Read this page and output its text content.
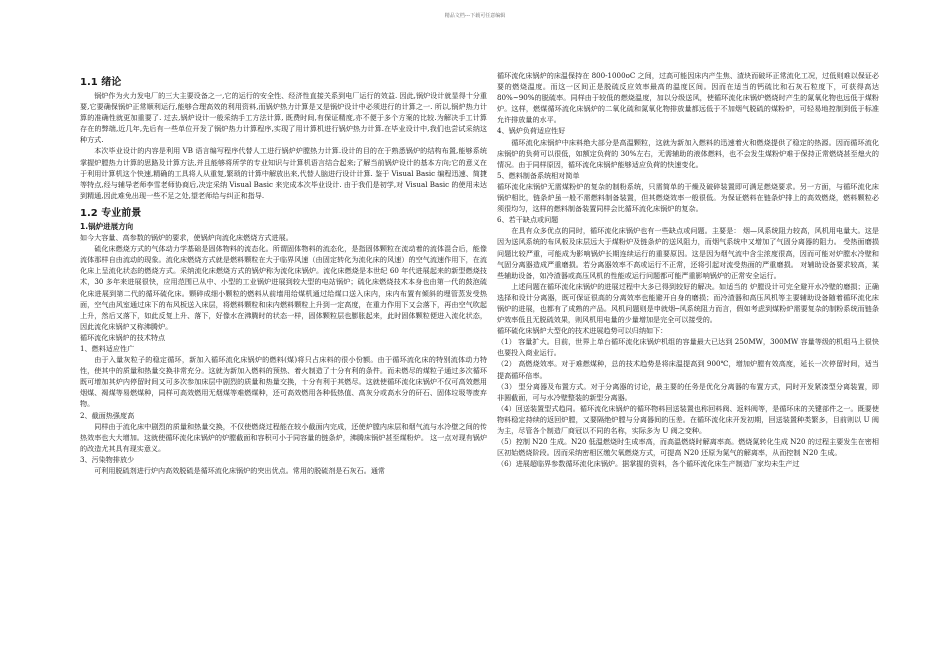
精品文档---下载可任意编辑

1.1 绪论

锅炉作为火力发电厂的三大主要设备之一,它的运行的安全性、经济性直接关系到电厂运行的效益. 因此,锅炉设计就显得十分重要,它要确保锅炉正常顺利运行,能够合理高效的利用资料,而锅炉热力计算是又是锅炉设计中必须进行的计算之一. 所以,锅炉热力计算的准确性就更加重要了. 过去,锅炉设计一般采纳手工方法计算, 既费时间,有保证精度,亦不便于多个方案的比较.为解决手工计算存在的弊端,近几年,先后有一些单位开发了锅炉热力计算程序,实现了用计算机进行锅炉热力计算.在毕业设计中,我们也尝试采纳这种方式.

本次毕业设计的内容是利用 VB 语言编写程序代替人工进行锅炉炉膛热力计算.设计的目的在于熟悉锅炉的结构布置,能够系统掌握炉膛热力计算的思路及计算方法,并且能够将所学的专业知识与计算机语言结合起来;了解当前锅炉设计的基本方向;它的意义在于利用计算机这个快速,精确的工具将人从重复,繁琐的计算中解放出来,代替人脑进行设计计算. 鉴于 Visual Basic 编程迅速、简捷等特点,经与辅导老师李雪老师协商后,决定采纳 Visual Basic 来完成本次毕业设计. 由于我们是初学,对 Visual Basic 的使用未达到精通,因此难免出现一些不足之处,望老师给与纠正和指导.

1.2 专业前景

1.锅炉进展方向

如今大容量、高参数的锅炉的要求，使锅炉向流化床燃烧方式进展。

硫化床燃烧方式的气体动力学基础是固体物料的流态化。所谓固体物料的流态化，是指固体颗粒在流动着的流体混合后，能像流体那样自由流动的现象。流化床燃烧方式就是燃料颗粒在大于临界风速（由固定转化为流化床的风速）的空气流速作用下，在流化床上呈流化状态的燃烧方式。采纳流化床燃烧方式的锅炉称为流化床锅炉。流化床燃烧是本世纪 60 年代进展起来的新型燃烧技术，30 多年来进展很快，应用范围已从中、小型的工业锅炉进展到较大型的电站锅炉；硫化床燃烧技术本身也由第一代的鼓泡硫化床进展到第二代的循环硫化床。颗碎成细小颗粒的燃料从前墙用给煤机通过给煤口送入床内，床内布置有倾斜的埋管蒸发受热面，空气由风室通过床下的布风板送入床层，将燃料颗粒和床内燃料颗粒上升到一定高度，在重力作用下又会落下，再由空气吹起上升，然后又落下，如此反复上升、落下，好像水在沸腾时的状态一样，固体颗粒层也膨胀起来，此时固体颗粒便进入流化状态，因此流化床锅炉又称沸腾炉。

循环流化床锅炉的技术特点

1、燃料适应性广

由于入量灰粒子的稳定循环，新加入循环流化床锅炉的燃料(煤)将只占床料的很小份额。由于循环流化床的特别流体动力特性，使其中的质量和热量交换非常充分。这就为新加入燃料的预热、着火制造了十分有利的条件。而未燃尽的煤粒子通过多次循环既可增加其炉内停留时间又可多次参加床层中剧烈的质量和热量交换，十分有利于其燃尽。这就使循环流化床锅炉不仅可高效燃用烟煤、褐煤等易燃煤种，同样可高效燃用无烟煤等难燃煤种，还可高效燃用各种低热值、高灰分或高水分的矸石、固体垃圾等废弃物。

2、截面热强度高

同样由于流化床中剧烈的质量和热量交换，不仅使燃烧过程能在较小截面内完成，还使炉膛内床层和烟气流与水冷壁之间的传热效率也大大增加。这就使循环流化床锅炉的炉膛截面和容积可小于同容量的链条炉，沸腾床锅炉甚至煤粉炉。 这一点对现有锅炉的改造尤其具有现实意义。

3、污染物排放少

可利用脱硫剂进行炉内高效脱硫是循环流化床锅炉的突出优点。常用的脱硫剂是石灰石。通常

循环流化床锅炉的床温保持在 800-1000oC 之间，过高可能因床内产生焦、渣块而破坏正常流化工况，过低则难以保证必要的燃烧温度。而这一区间正是脱硫反应效率最高的温度区间。因而在适当的钙硫比和石灰石粒度下，可获得高达 80%~90%的脱硫率。同样由于较低的燃烧温度，加以分级送风，使循环流化床锅炉燃烧时产生的氮氧化物也远低于煤粉炉。这样，燃煤循环流化床锅炉的二氧化硫和氮氧化物排放量都远低于不加烟气脱硫的煤粉炉，可轻易地控制到低于标准允许排放量的水平。

4、锅炉负荷适应性好

循环流化床锅炉中床料绝大部分是高温颗粒，这就为新加入燃料的迅速着火和燃烧提供了稳定的热源。因而循环流化床锅炉的负荷可以很低，如额定负荷的 30%左右，无需辅助的液体燃料，也不会发生煤粉炉难于保持正常燃烧甚至熄火的情况。由于同样原因，循环流化床锅炉能够适应负荷的快速变化。

5、燃料制备系统相对简单

循环流化床锅炉无需煤粉炉的复杂的制粉系统，只需简单的干燥及破碎装置即可满足燃烧要求。另一方面，与循环流化床锅炉相比，链条炉虽一般不需燃料制备装置，但其燃烧效率一般很低。为保证燃料在链条炉排上的高效燃烧，燃料颗粒必须很均匀，这样的燃料制备装置同样会比循环流化床锅炉的复杂。

6、若干缺点或问题

在具有众多优点的同时，循环流化床锅炉也有一些缺点或问题。主要是： 烟—风系统阻力较高，风机用电量大。这是因为送风系统的布风板及床层远大于煤粉炉及链条炉的送风阻力，而烟气系统中又增加了气固分离器的阻力。 受热面磨损问题比较严重，可能成为影响锅炉长期连续运行的重要原因。这是因为烟气流中含尘浓度很高，因而可能对炉膛水冷壁和气固分离器造成严重磨损。若分离器效率不高或运行不正常，还将引起对流受热面的严重磨损。 对辅助设备要求较高，某些辅助设备，如冷渣器或高压风机的性能或运行问题都可能严重影响锅炉的正常安全运行。

上述问题在循环流化床锅炉的进展过程中大多已得到较好的解决。如适当的 炉膛设计可完全避开水冷壁的磨损；正确选择和设计分离器，既可保证很高的分离效率也能避开自身的磨损；而冷渣器和高压风机等主要辅助设备随着循环流化床锅炉的进展，也都有了成熟的产品。风机问题则是申就烟─风系统阻力而言，假如考虑到煤粉炉需要复杂的制粉系统而链条炉效率低且无脱硫效果，则风机用电量的少量增加是完全可以接受的。

循环硫化床锅炉大型化的技术进展趋势可以归纳如下：

（1） 容量扩大。目前，世界上单台循环流化床锅炉机组的容量最大已达到 250MW，300MW 容量等级的机组马上很快也要投入商业运行。

（2） 高燃烧效率。对于难燃煤种，总的技术趋势是将床温提高到 900℃，增加炉膛有效高度，延长一次停留时间，适当提高循环倍率。

（3） 型分离器及布置方式。对于分离器的讨论，最主要的任务是优化分离器的布置方式，同时开发紧凑型分离装置，即非圆截面，可与水冷壁整装的新型分离器。

（4）回送装置型式趋同。循环流化床锅炉的循环物料回送装置也称回料阀、返料阀等，是循环床的关键部件之一。既要使物料稳定持续的返回炉膛，又要隔绝炉膛与分离器间的压差。在循环流化床开发初期，回送装置种类繁多，目前则以 U 阀为主，尽管各个制造厂商冠以不同的名称，实际多为 U 阀之变种。

（5）控制 N20 生成。N20 低温燃烧时生成率高，而高温燃烧时解离率高。燃烧氮转化生成 N20 的过程主要发生在密相区初始燃烧阶段。因而采纳密相区缴欠氧燃烧方式，可提高 N20 还原为氮气的解离率，从而控制 N20 生成。

（6）进展超临界参数循环流化床锅炉。据掌握的资料，各个循环流化床生产制造厂家均未生产过
